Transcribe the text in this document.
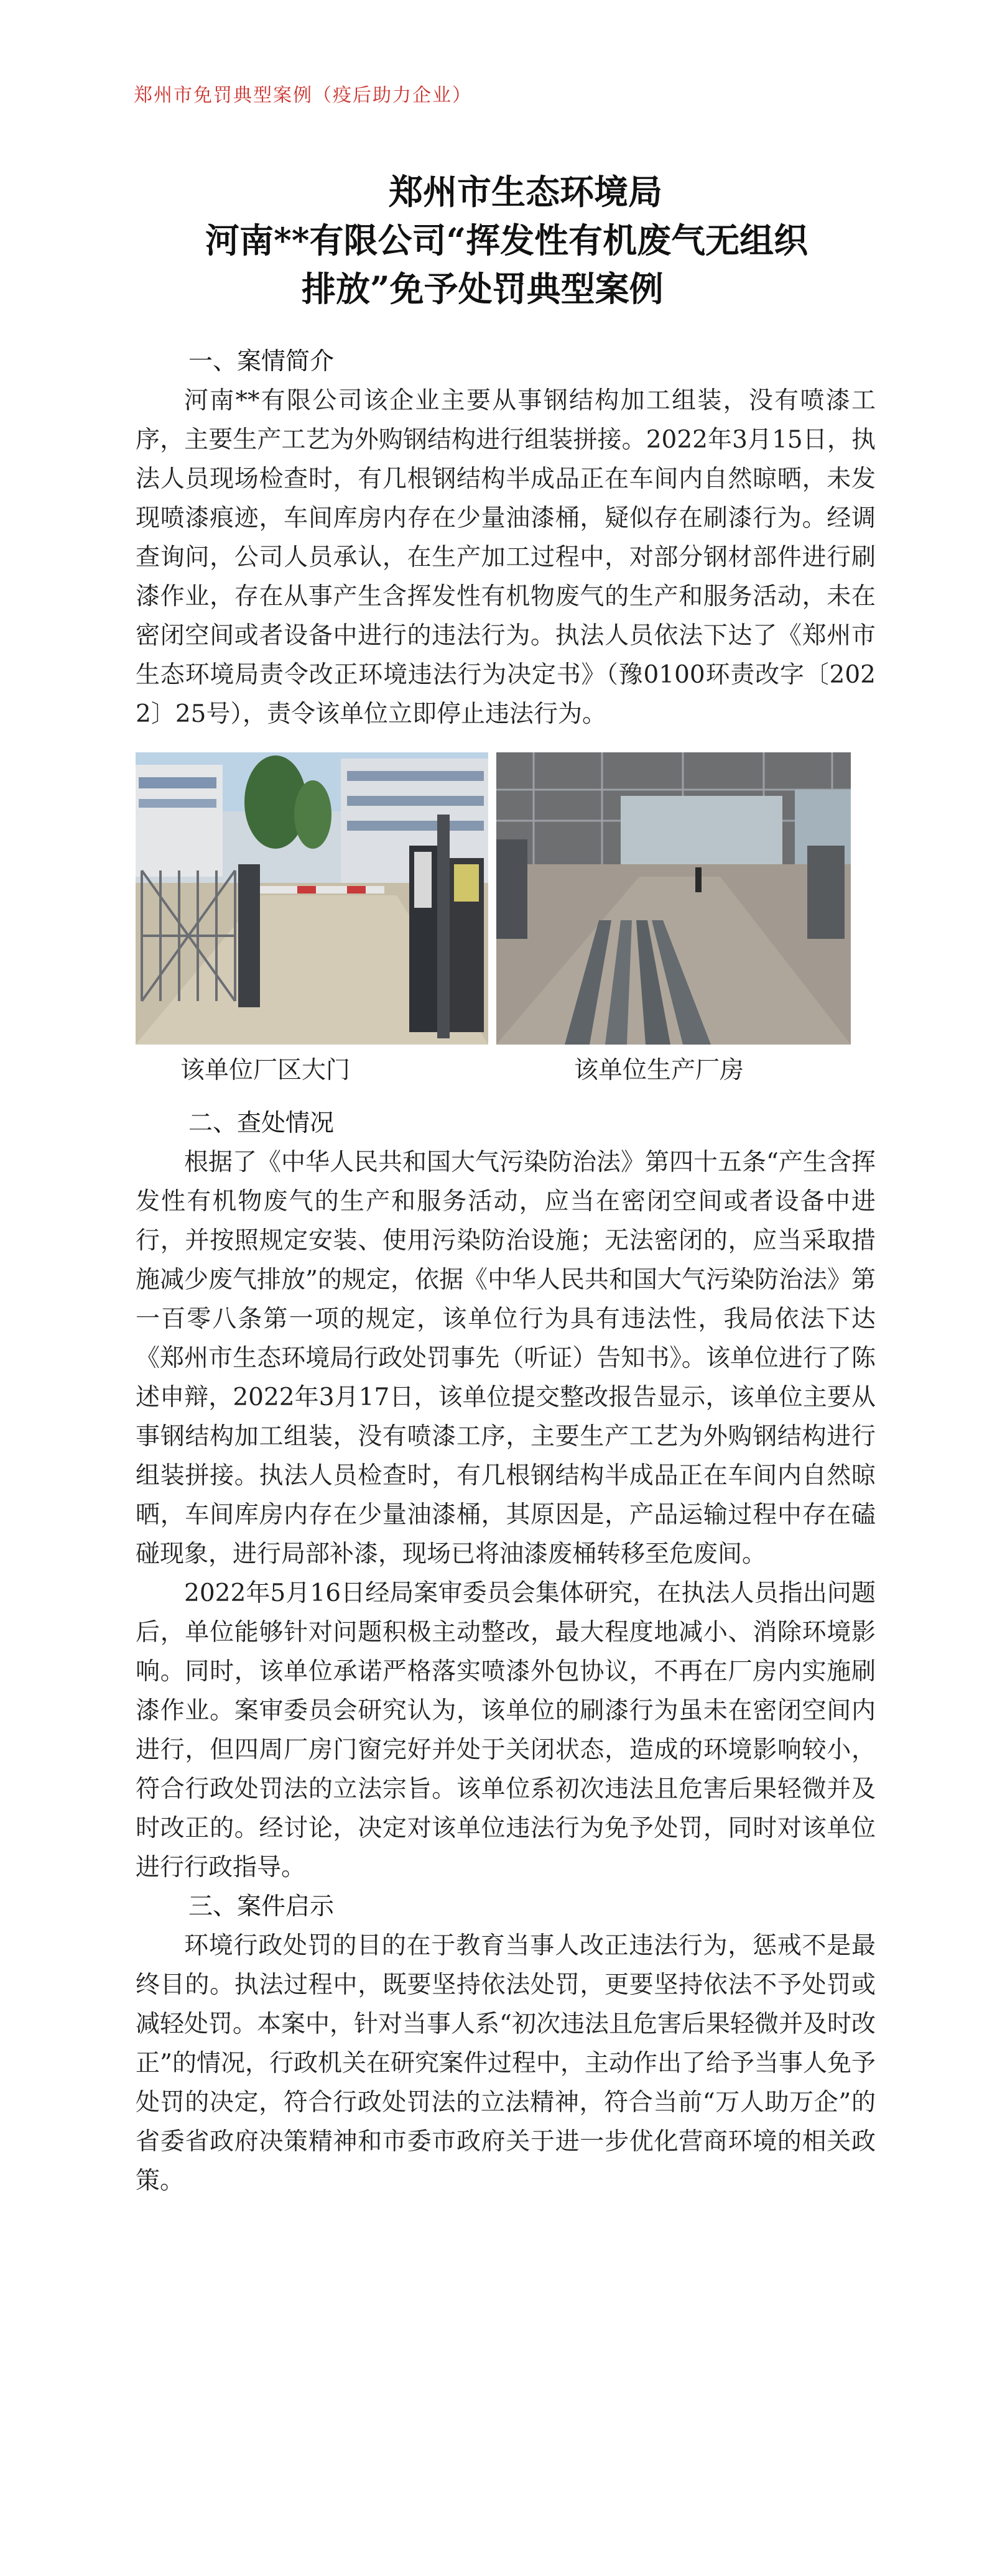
郑州市免罚典型案例（疫后助力企业）
郑州市生态环境局
河南**有限公司“挥发性有机废气无组织
排放”免予处罚典型案例
一、案情简介

河南**有限公司该企业主要从事钢结构加工组装，没有喷漆工序，主要生产工艺为外购钢结构进行组装拼接。2022年3月15日，执法人员现场检查时，有几根钢结构半成品正在车间内自然晾晒，未发现喷漆痕迹，车间库房内存在少量油漆桶，疑似存在刷漆行为。经调查询问，公司人员承认，在生产加工过程中，对部分钢材部件进行刷漆作业，存在从事产生含挥发性有机物废气的生产和服务活动，未在密闭空间或者设备中进行的违法行为。执法人员依法下达了《郑州市生态环境局责令改正环境违法行为决定书》（豫0100环责改字〔2022〕25号），责令该单位立即停止违法行为。

该单位厂区大门	该单位生产厂房
二、查处情况

根据了《中华人民共和国大气污染防治法》第四十五条“产生含挥发性有机物废气的生产和服务活动，应当在密闭空间或者设备中进行，并按照规定安装、使用污染防治设施；无法密闭的，应当采取措施减少废气排放”的规定，依据《中华人民共和国大气污染防治法》第一百零八条第一项的规定，该单位行为具有违法性，我局依法下达《郑州市生态环境局行政处罚事先（听证）告知书》。该单位进行了陈述申辩，2022年3月17日，该单位提交整改报告显示，该单位主要从事钢结构加工组装，没有喷漆工序，主要生产工艺为外购钢结构进行组装拼接。执法人员检查时，有几根钢结构半成品正在车间内自然晾晒，车间库房内存在少量油漆桶，其原因是，产品运输过程中存在磕碰现象，进行局部补漆，现场已将油漆废桶转移至危废间。

2022年5月16日经局案审委员会集体研究，在执法人员指出问题后，单位能够针对问题积极主动整改，最大程度地减小、消除环境影响。同时，该单位承诺严格落实喷漆外包协议，不再在厂房内实施刷漆作业。案审委员会研究认为，该单位的刷漆行为虽未在密闭空间内进行，但四周厂房门窗完好并处于关闭状态，造成的环境影响较小，符合行政处罚法的立法宗旨。该单位系初次违法且危害后果轻微并及时改正的。经讨论，决定对该单位违法行为免予处罚，同时对该单位进行行政指导。

三、案件启示

环境行政处罚的目的在于教育当事人改正违法行为，惩戒不是最终目的。执法过程中，既要坚持依法处罚，更要坚持依法不予处罚或减轻处罚。本案中，针对当事人系“初次违法且危害后果轻微并及时改正”的情况，行政机关在研究案件过程中，主动作出了给予当事人免予处罚的决定，符合行政处罚法的立法精神，符合当前“万人助万企”的省委省政府决策精神和市委市政府关于进一步优化营商环境的相关政策。
